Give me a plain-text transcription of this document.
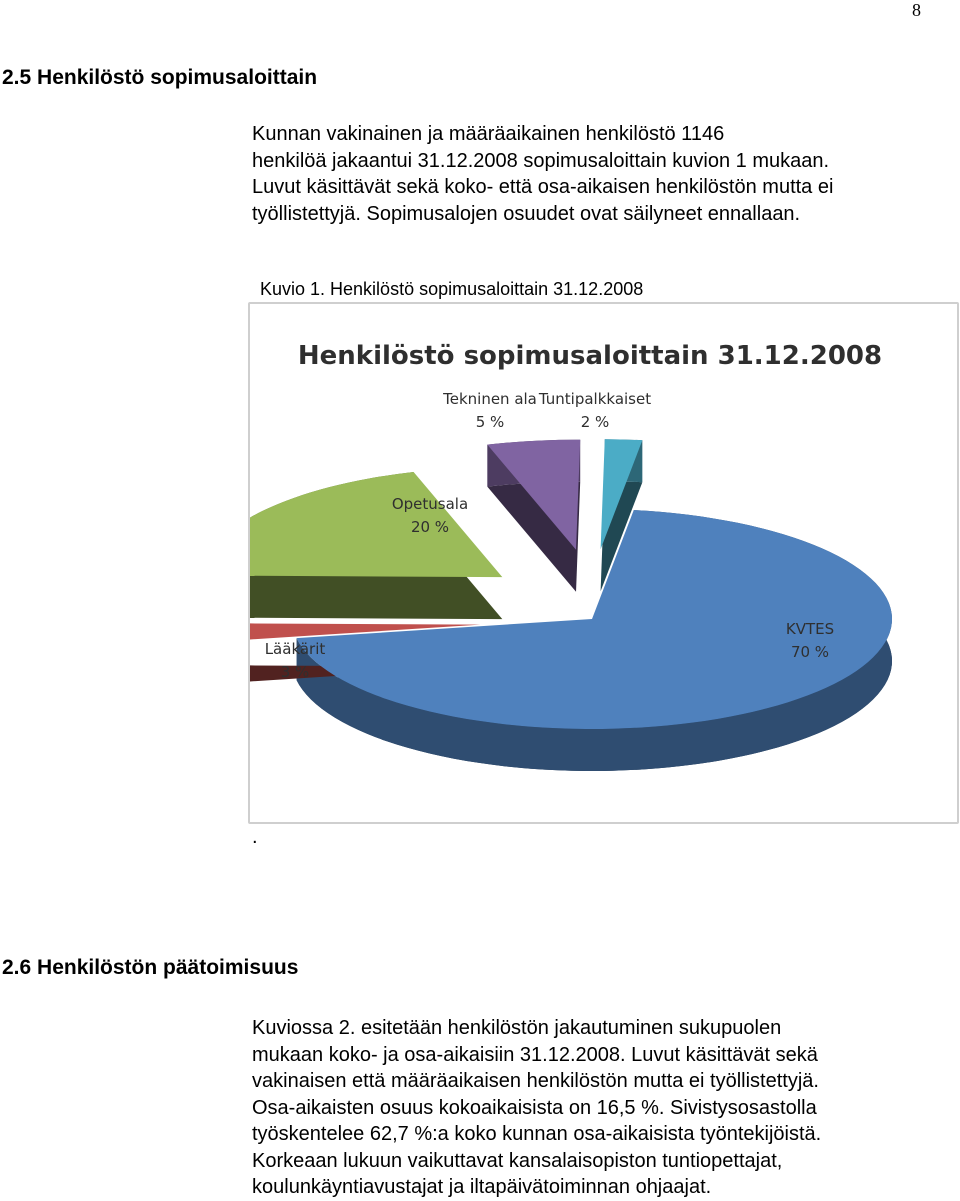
8
2.5 Henkilöstö sopimusaloittain

Kunnan vakinainen ja määräaikainen henkilöstö 1146

henkilöä jakaantui 31.12.2008 sopimusaloittain kuvion 1 mukaan.

Luvut käsittävät sekä koko- että osa-aikaisen henkilöstön mutta ei

työllistettyjä. Sopimusalojen osuudet ovat säilyneet ennallaan.

Kuvio 1. Henkilöstö sopimusaloittain 31.12.2008
Henkilöstö sopimusaloittain 31.12.2008
KVTES
70 %
Lääkärit
3 %
Opetusala
20 %
Tekninen ala
5 %
Tuntipalkkaiset
2 %
.
2.6 Henkilöstön päätoimisuus

Kuviossa 2. esitetään henkilöstön jakautuminen sukupuolen

mukaan koko- ja osa-aikaisiin 31.12.2008. Luvut käsittävät sekä

vakinaisen että määräaikaisen henkilöstön mutta ei työllistettyjä.

Osa-aikaisten osuus kokoaikaisista on 16,5 %. Sivistysosastolla

työskentelee 62,7 %:a koko kunnan osa-aikaisista työntekijöistä.

Korkeaan lukuun vaikuttavat kansalaisopiston tuntiopettajat,

koulunkäyntiavustajat ja iltapäivätoiminnan ohjaajat.
